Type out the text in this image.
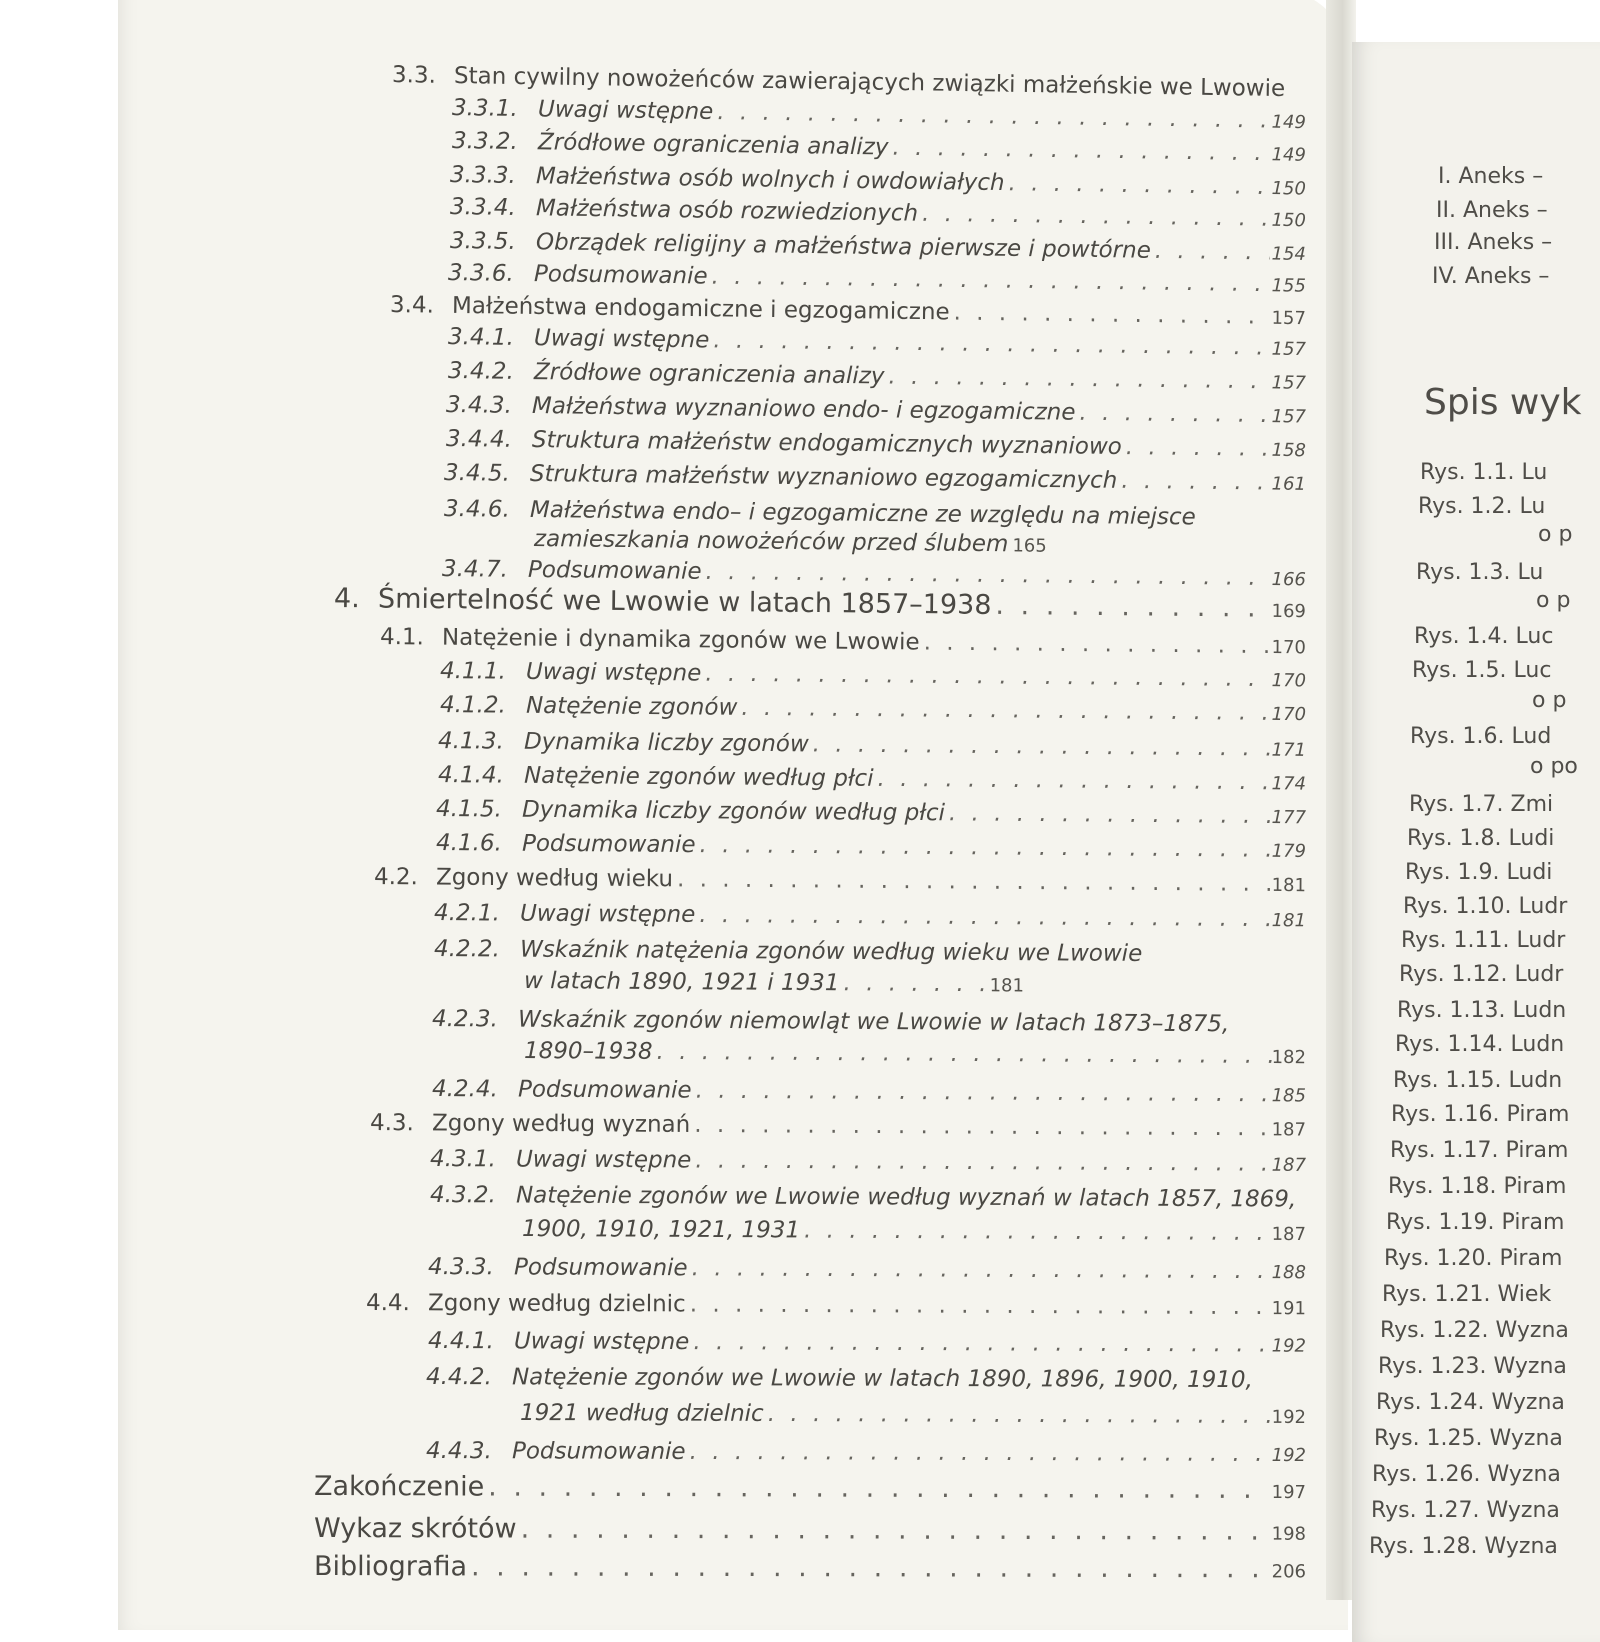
3.3. Stan cywilny nowożeńców zawierających związki małżeńskie we Lwowie
. . .
3.3.1. Uwagi wstępne . . .	149
3.3.2. Źródłowe ograniczenia analizy . . .	149
3.3.3. Małżeństwa osób wolnych i owdowiałych . . .	150
3.3.4. Małżeństwa osób rozwiedzionych . . .	150
3.3.5. Obrządek religijny a małżeństwa pierwsze i powtórne . . .	154
3.3.6. Podsumowanie . . .	155
3.4. Małżeństwa endogamiczne i egzogamiczne . . .	157
3.4.1. Uwagi wstępne . . .	157
3.4.2. Źródłowe ograniczenia analizy . . .	157
3.4.3. Małżeństwa wyznaniowo endo- i egzogamiczne . . .	157
3.4.4. Struktura małżeństw endogamicznych wyznaniowo . . .	158
3.4.5. Struktura małżeństw wyznaniowo egzogamicznych . . .	161
3.4.6. Małżeństwa endo– i egzogamiczne ze względu na miejsce
zamieszkania nowożeńców przed ślubem . . . 165
3.4.7. Podsumowanie . . .	166
4. Śmiertelność we Lwowie w latach 1857–1938 . . .	169
4.1. Natężenie i dynamika zgonów we Lwowie . . .	170
4.1.1. Uwagi wstępne . . .	170
4.1.2. Natężenie zgonów . . .	170
4.1.3. Dynamika liczby zgonów . . .	171
4.1.4. Natężenie zgonów według płci . . .	174
4.1.5. Dynamika liczby zgonów według płci . . .	177
4.1.6. Podsumowanie . . .	179
4.2. Zgony według wieku . . .	181
4.2.1. Uwagi wstępne . . .	181
4.2.2. Wskaźnik natężenia zgonów według wieku we Lwowie
w latach 1890, 1921 i 1931 . . .	181
4.2.3. Wskaźnik zgonów niemowląt we Lwowie w latach 1873–1875,
1890–1938 . . .	182
4.2.4. Podsumowanie . . .	185
4.3. Zgony według wyznań . . .	187
4.3.1. Uwagi wstępne . . .	187
4.3.2. Natężenie zgonów we Lwowie według wyznań w latach 1857, 1869,
1900, 1910, 1921, 1931 . . .	187
4.3.3. Podsumowanie . . .	188
4.4. Zgony według dzielnic . . .	191
4.4.1. Uwagi wstępne . . .	192
4.4.2. Natężenie zgonów we Lwowie w latach 1890, 1896, 1900, 1910,
1921 według dzielnic . . .	192
4.4.3. Podsumowanie . . .	192
Zakończenie . . .	197
Wykaz skrótów . . .	198
Bibliografia . . .	206
I. Aneks –
II. Aneks –
III. Aneks –
IV. Aneks –
Spis wyk
Rys. 1.1. Lu
Rys. 1.2. Lu
o p
Rys. 1.3. Lu
o p
Rys. 1.4. Luc
Rys. 1.5. Luc
o p
Rys. 1.6. Lud
o po
Rys. 1.7. Zmi
Rys. 1.8. Ludi
Rys. 1.9. Ludi
Rys. 1.10. Ludr
Rys. 1.11. Ludr
Rys. 1.12. Ludr
Rys. 1.13. Ludn
Rys. 1.14. Ludn
Rys. 1.15. Ludn
Rys. 1.16. Piram
Rys. 1.17. Piram
Rys. 1.18. Piram
Rys. 1.19. Piram
Rys. 1.20. Piram
Rys. 1.21. Wiek
Rys. 1.22. Wyzna
Rys. 1.23. Wyzna
Rys. 1.24. Wyzna
Rys. 1.25. Wyzna
Rys. 1.26. Wyzna
Rys. 1.27. Wyzna
Rys. 1.28. Wyzna
